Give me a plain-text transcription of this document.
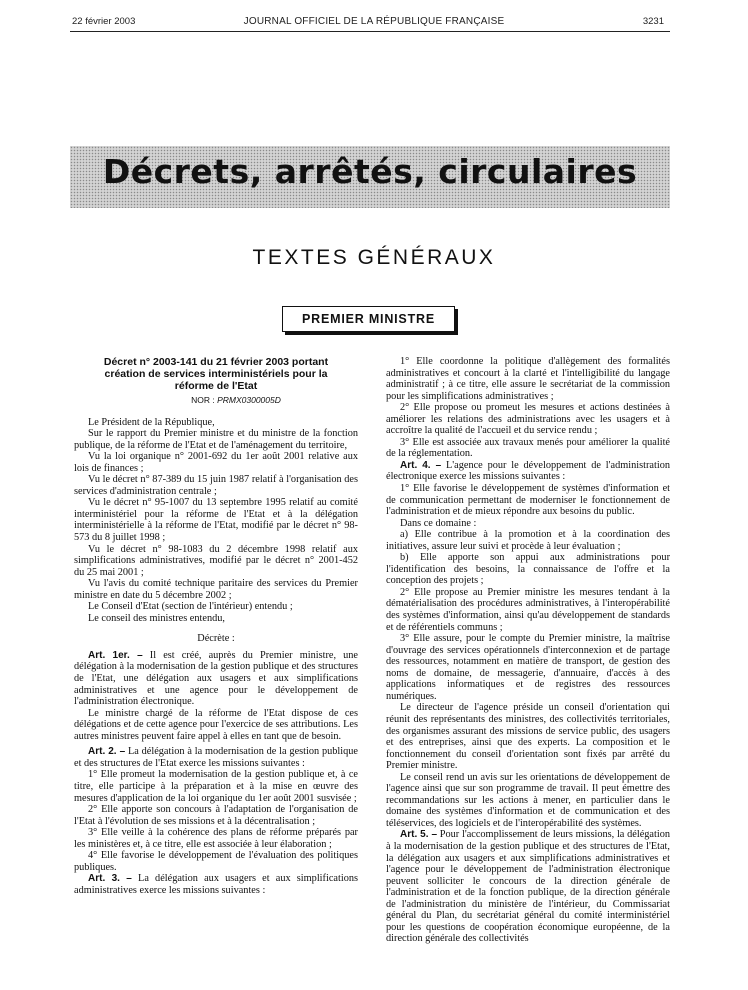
22 février 2003	JOURNAL OFFICIEL DE LA RÉPUBLIQUE FRANÇAISE	3231
Décrets, arrêtés, circulaires
TEXTES GÉNÉRAUX
PREMIER MINISTRE

Décret n° 2003-141 du 21 février 2003 portant création de services interministériels pour la réforme de l'Etat

NOR : PRMX0300005D

Le Président de la République,

Sur le rapport du Premier ministre et du ministre de la fonction publique, de la réforme de l'Etat et de l'aménagement du territoire,

Vu la loi organique n° 2001-692 du 1er août 2001 relative aux lois de finances ;

Vu le décret n° 87-389 du 15 juin 1987 relatif à l'organisation des services d'administration centrale ;

Vu le décret n° 95-1007 du 13 septembre 1995 relatif au comité interministériel pour la réforme de l'Etat et à la délégation interministérielle à la réforme de l'Etat, modifié par le décret n° 98-573 du 8 juillet 1998 ;

Vu le décret n° 98-1083 du 2 décembre 1998 relatif aux simplifications administratives, modifié par le décret n° 2001-452 du 25 mai 2001 ;

Vu l'avis du comité technique paritaire des services du Premier ministre en date du 5 décembre 2002 ;

Le Conseil d'Etat (section de l'intérieur) entendu ;

Le conseil des ministres entendu,

Décrète :

Art. 1er. – Il est créé, auprès du Premier ministre, une délégation à la modernisation de la gestion publique et des structures de l'Etat, une délégation aux usagers et aux simplifications administratives et une agence pour le développement de l'administration électronique.

Le ministre chargé de la réforme de l'Etat dispose de ces délégations et de cette agence pour l'exercice de ses attributions. Les autres ministres peuvent faire appel à elles en tant que de besoin.

Art. 2. – La délégation à la modernisation de la gestion publique et des structures de l'Etat exerce les missions suivantes :

1° Elle promeut la modernisation de la gestion publique et, à ce titre, elle participe à la préparation et à la mise en œuvre des mesures d'application de la loi organique du 1er août 2001 susvisée ;

2° Elle apporte son concours à l'adaptation de l'organisation de l'Etat à l'évolution de ses missions et à la décentralisation ;

3° Elle veille à la cohérence des plans de réforme préparés par les ministères et, à ce titre, elle est associée à leur élaboration ;

4° Elle favorise le développement de l'évaluation des politiques publiques.

Art. 3. – La délégation aux usagers et aux simplifications administratives exerce les missions suivantes :

1° Elle coordonne la politique d'allègement des formalités administratives et concourt à la clarté et l'intelligibilité du langage administratif ; à ce titre, elle assure le secrétariat de la commission pour les simplifications administratives ;

2° Elle propose ou promeut les mesures et actions destinées à améliorer les relations des administrations avec les usagers et à accroître la qualité de l'accueil et du service rendu ;

3° Elle est associée aux travaux menés pour améliorer la qualité de la réglementation.

Art. 4. – L'agence pour le développement de l'administration électronique exerce les missions suivantes :

1° Elle favorise le développement de systèmes d'information et de communication permettant de moderniser le fonctionnement de l'administration et de mieux répondre aux besoins du public.

Dans ce domaine :

a) Elle contribue à la promotion et à la coordination des initiatives, assure leur suivi et procède à leur évaluation ;

b) Elle apporte son appui aux administrations pour l'identification des besoins, la connaissance de l'offre et la conception des projets ;

2° Elle propose au Premier ministre les mesures tendant à la dématérialisation des procédures administratives, à l'interopérabilité des systèmes d'information, ainsi qu'au développement de standards et de référentiels communs ;

3° Elle assure, pour le compte du Premier ministre, la maîtrise d'ouvrage des services opérationnels d'interconnexion et de partage des ressources, notamment en matière de transport, de gestion des noms de domaine, de messagerie, d'annuaire, d'accès à des applications informatiques et de registres des ressources numériques.

Le directeur de l'agence préside un conseil d'orientation qui réunit des représentants des ministres, des collectivités territoriales, des organismes assurant des missions de service public, des usagers et des entreprises, ainsi que des experts. La composition et le fonctionnement du conseil d'orientation sont fixés par arrêté du Premier ministre.

Le conseil rend un avis sur les orientations de développement de l'agence ainsi que sur son programme de travail. Il peut émettre des recommandations sur les actions à mener, en particulier dans le domaine des systèmes d'information et de communication et des téléservices, des logiciels et de l'interopérabilité des systèmes.

Art. 5. – Pour l'accomplissement de leurs missions, la délégation à la modernisation de la gestion publique et des structures de l'Etat, la délégation aux usagers et aux simplifications administratives et l'agence pour le développement de l'administration électronique peuvent solliciter le concours de la direction générale de l'administration et de la fonction publique, de la direction générale de l'administration du ministère de l'intérieur, du Commissariat général du Plan, du secrétariat général du comité interministériel pour les questions de coopération économique européenne, de la direction générale des collectivités
